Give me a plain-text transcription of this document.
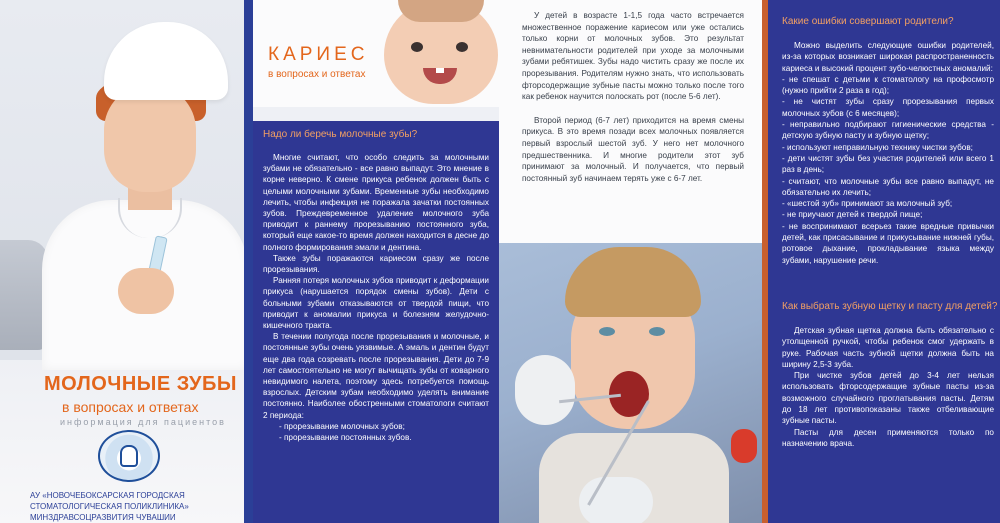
МОЛОЧНЫЕ ЗУБЫ
в вопросах и ответах
информация для пациентов
АУ «НОВОЧЕБОКСАРСКАЯ ГОРОДСКАЯ СТОМАТОЛОГИЧЕСКАЯ ПОЛИКЛИНИКА» МИНЗДРАВСОЦРАЗВИТИЯ ЧУВАШИИ
КАРИЕС
в вопросах и ответах
Надо ли беречь молочные зубы?

Многие считают, что особо следить за молочными зубами не обязательно - все равно выпадут. Это мнение в корне неверно. К смене прикуса ребенок должен быть с целыми молочными зубами. Временные зубы необходимо лечить, чтобы инфекция не поражала зачатки постоянных зубов. Преждевременное удаление молочного зуба приводит к раннему прорезыванию постоянного зуба, который еще какое-то время должен находится в десне до полного формирования эмали и дентина.

Также зубы поражаются кариесом сразу же после прорезывания.

Ранняя потеря молочных зубов приводит к деформации прикуса (нарушается порядок смены зубов). Дети с больными зубами отказываются от твердой пищи, что приводит к аномалии прикуса и болезням желудочно-кишечного тракта.

В течении полугода после прорезывания и молочные, и постоянные зубы очень уязвимые. А эмаль и дентин будут еще два года созревать после прорезывания. Дети до 7-9 лет самостоятельно не могут вычищать зубы от коварного невидимого налета, поэтому здесь потребуется помощь взрослых. Детским зубам необходимо уделять внимание постоянно. Наиболее обостренными стоматологи считают 2 периода:

- прорезывание молочных зубов;

- прорезывание постоянных зубов.

У детей в возрасте 1-1,5 года часто встречается множественное поражение кариесом или уже остались только корни от молочных зубов. Это результат невнимательности родителей при уходе за молочными зубами ребятишек. Зубы надо чистить сразу же после их прорезывания. Родителям нужно знать, что использовать фторсодержащие зубные пасты можно только после того как ребенок научится полоскать рот (после 5-6 лет).

Второй период (6-7 лет) приходится на время смены прикуса. В это время позади всех молочных появляется первый взрослый шестой зуб. У него нет молочного предшественника. И многие родители этот зуб принимают за молочный. И получается, что первый постоянный зуб начинаем терять уже с 6-7 лет.

Какие ошибки совершают родители?

Можно выделить следующие ошибки родителей, из-за которых возникает широкая распространенность кариеса и высокий процент зубо-челюстных аномалий:

- не спешат с детьми к стоматологу на профосмотр (нужно прийти 2 раза в год);

- не чистят зубы сразу прорезывания первых молочных зубов (с 6 месяцев);

- неправильно подбирают гигиенические средства - детскую зубную пасту и зубную щетку;

- используют неправильную технику чистки зубов;

- дети чистят зубы без участия родителей или всего 1 раз в день;

- считают, что молочные зубы все равно выпадут, не обязательно их лечить;

- «шестой зуб» принимают за молочный зуб;

- не приучают детей к твердой пище;

- не воспринимают всерьез такие вредные привычки детей, как присасывание и прикусывание нижней губы, ротовое дыхание, прокладывание языка между зубами, нарушение речи.

Как выбрать зубную щетку и пасту для детей?

Детская зубная щетка должна быть обязательно с утолщенной ручкой, чтобы ребенок смог удержать в руке. Рабочая часть зубной щетки должна быть на ширину 2,5-3 зуба.

При чистке зубов детей до 3-4 лет нельзя использовать фторсодержащие зубные пасты из-за возможного случайного проглатывания пасты. Детям до 18 лет противопоказаны также отбеливающие зубные пасты.

Пасты для десен применяются только по назначению врача.
